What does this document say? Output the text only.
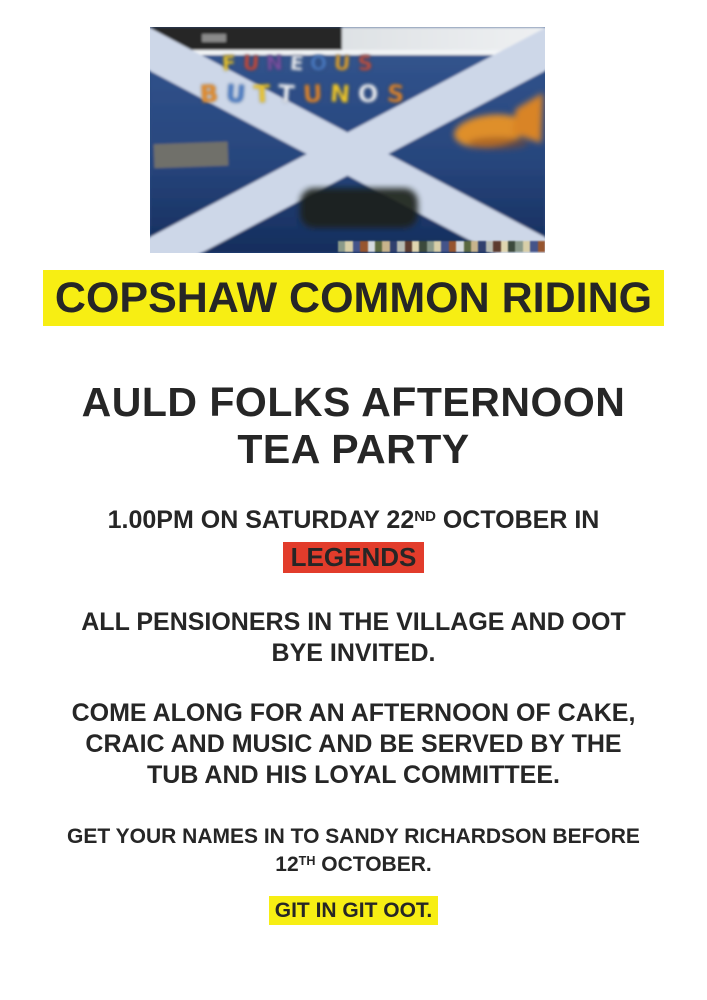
F U N E O U S
B U T T U N O S
COPSHAW COMMON RIDING
AULD FOLKS AFTERNOON
TEA PARTY
1.00PM ON SATURDAY 22ND OCTOBER IN
LEGENDS
ALL PENSIONERS IN THE VILLAGE AND OOT
BYE INVITED.
COME ALONG FOR AN AFTERNOON OF CAKE,
CRAIC AND MUSIC AND BE SERVED BY THE
TUB AND HIS LOYAL COMMITTEE.
GET YOUR NAMES IN TO SANDY RICHARDSON BEFORE
12TH OCTOBER.
GIT IN GIT OOT.
